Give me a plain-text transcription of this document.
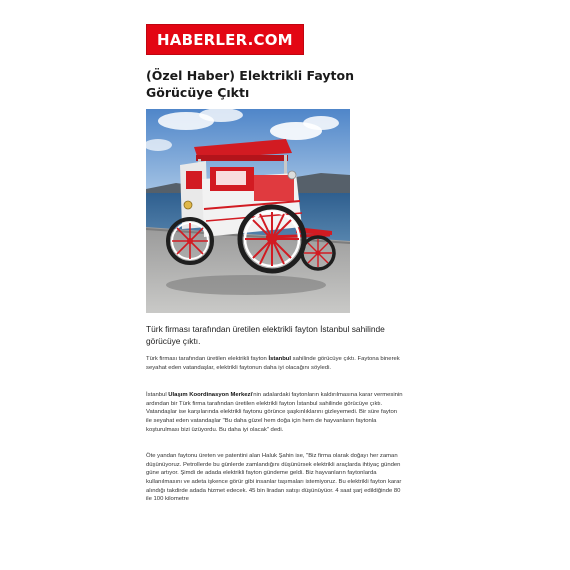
HABERLER.COM
(Özel Haber) Elektrikli Fayton Görücüye Çıktı
Türk firması tarafından üretilen elektrikli fayton İstanbul sahilinde görücüye çıktı.
Türk firması tarafından üretilen elektrikli fayton İstanbul sahilinde görücüye çıktı. Faytona binerek seyahat eden vatandaşlar, elektrikli faytonun daha iyi olacağını söyledi.
İstanbul Ulaşım Koordinasyon Merkezi'nin adalardaki faytonların kaldırılmasına karar vermesinin ardından bir Türk firma tarafından üretilen elektrikli fayton İstanbul sahilinde görücüye çıktı. Vatandaşlar ise karşılarında elektrikli faytonu görünce şaşkınlıklarını gizleyemedi. Bir süre fayton ile seyahat eden vatandaşlar "Bu daha güzel hem doğa için hem de hayvanların faytonla koşturulması bizi üzüyordu. Bu daha iyi olacak" dedi.
Öte yandan faytonu üreten ve patentini alan Haluk Şahin ise, "Biz firma olarak doğayı her zaman düşünüyoruz. Petrollerde bu günlerde zamlandığını düşünürsek elektrikli araçlarda ihtiyaç günden güne artıyor. Şimdi de adada elektrikli fayton gündeme geldi. Biz hayvanların faytonlarda kullanılmasını ve adeta işkence görür gibi insanlar taşımaları istemiyoruz. Bu elektrikli fayton karar alındığı takdirde adada hizmet edecek. 45 bin liradan satışı düşünüyüor. 4 saat şarj edildiğinde 80 ile 100 kilometre
